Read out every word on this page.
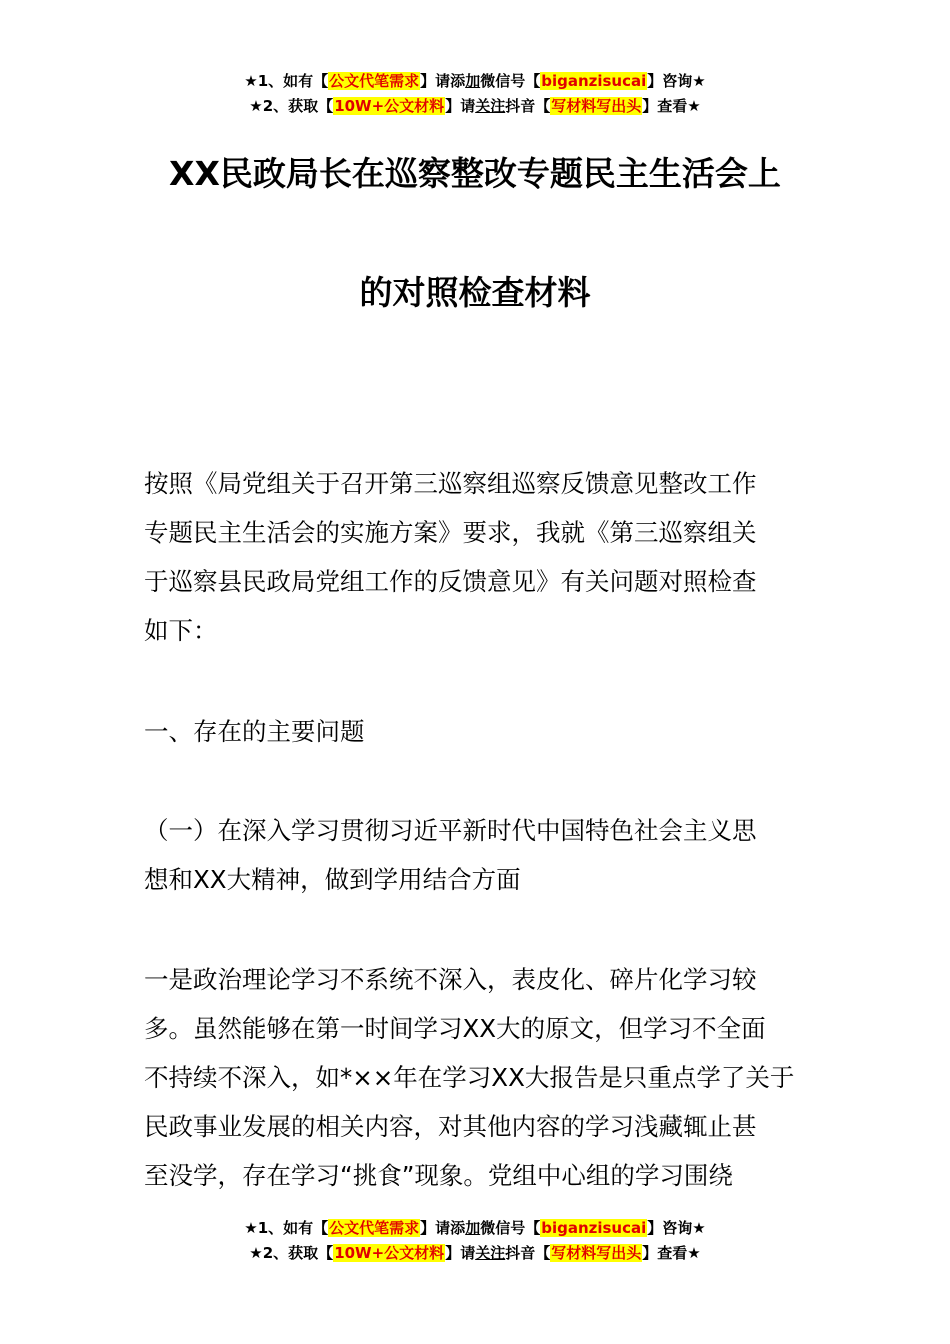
★1、如有【公文代笔需求】请添加微信号【biganzisucai】咨询★
★2、获取【10W+公文材料】请关注抖音【写材料写出头】查看★
XX民政局长在巡察整改专题民主生活会上
的对照检查材料

按照《局党组关于召开第三巡察组巡察反馈意见整改工作

专题民主生活会的实施方案》要求，我就《第三巡察组关

于巡察县民政局党组工作的反馈意见》有关问题对照检查

如下：

一、存在的主要问题

（一）在深入学习贯彻习近平新时代中国特色社会主义思

想和XX大精神，做到学用结合方面

一是政治理论学习不系统不深入，表皮化、碎片化学习较

多。虽然能够在第一时间学习XX大的原文，但学习不全面

不持续不深入，如*××年在学习XX大报告是只重点学了关于

民政事业发展的相关内容，对其他内容的学习浅藏辄止甚

至没学，存在学习“挑食”现象。党组中心组的学习围绕

★1、如有【公文代笔需求】请添加微信号【biganzisucai】咨询★
★2、获取【10W+公文材料】请关注抖音【写材料写出头】查看★
